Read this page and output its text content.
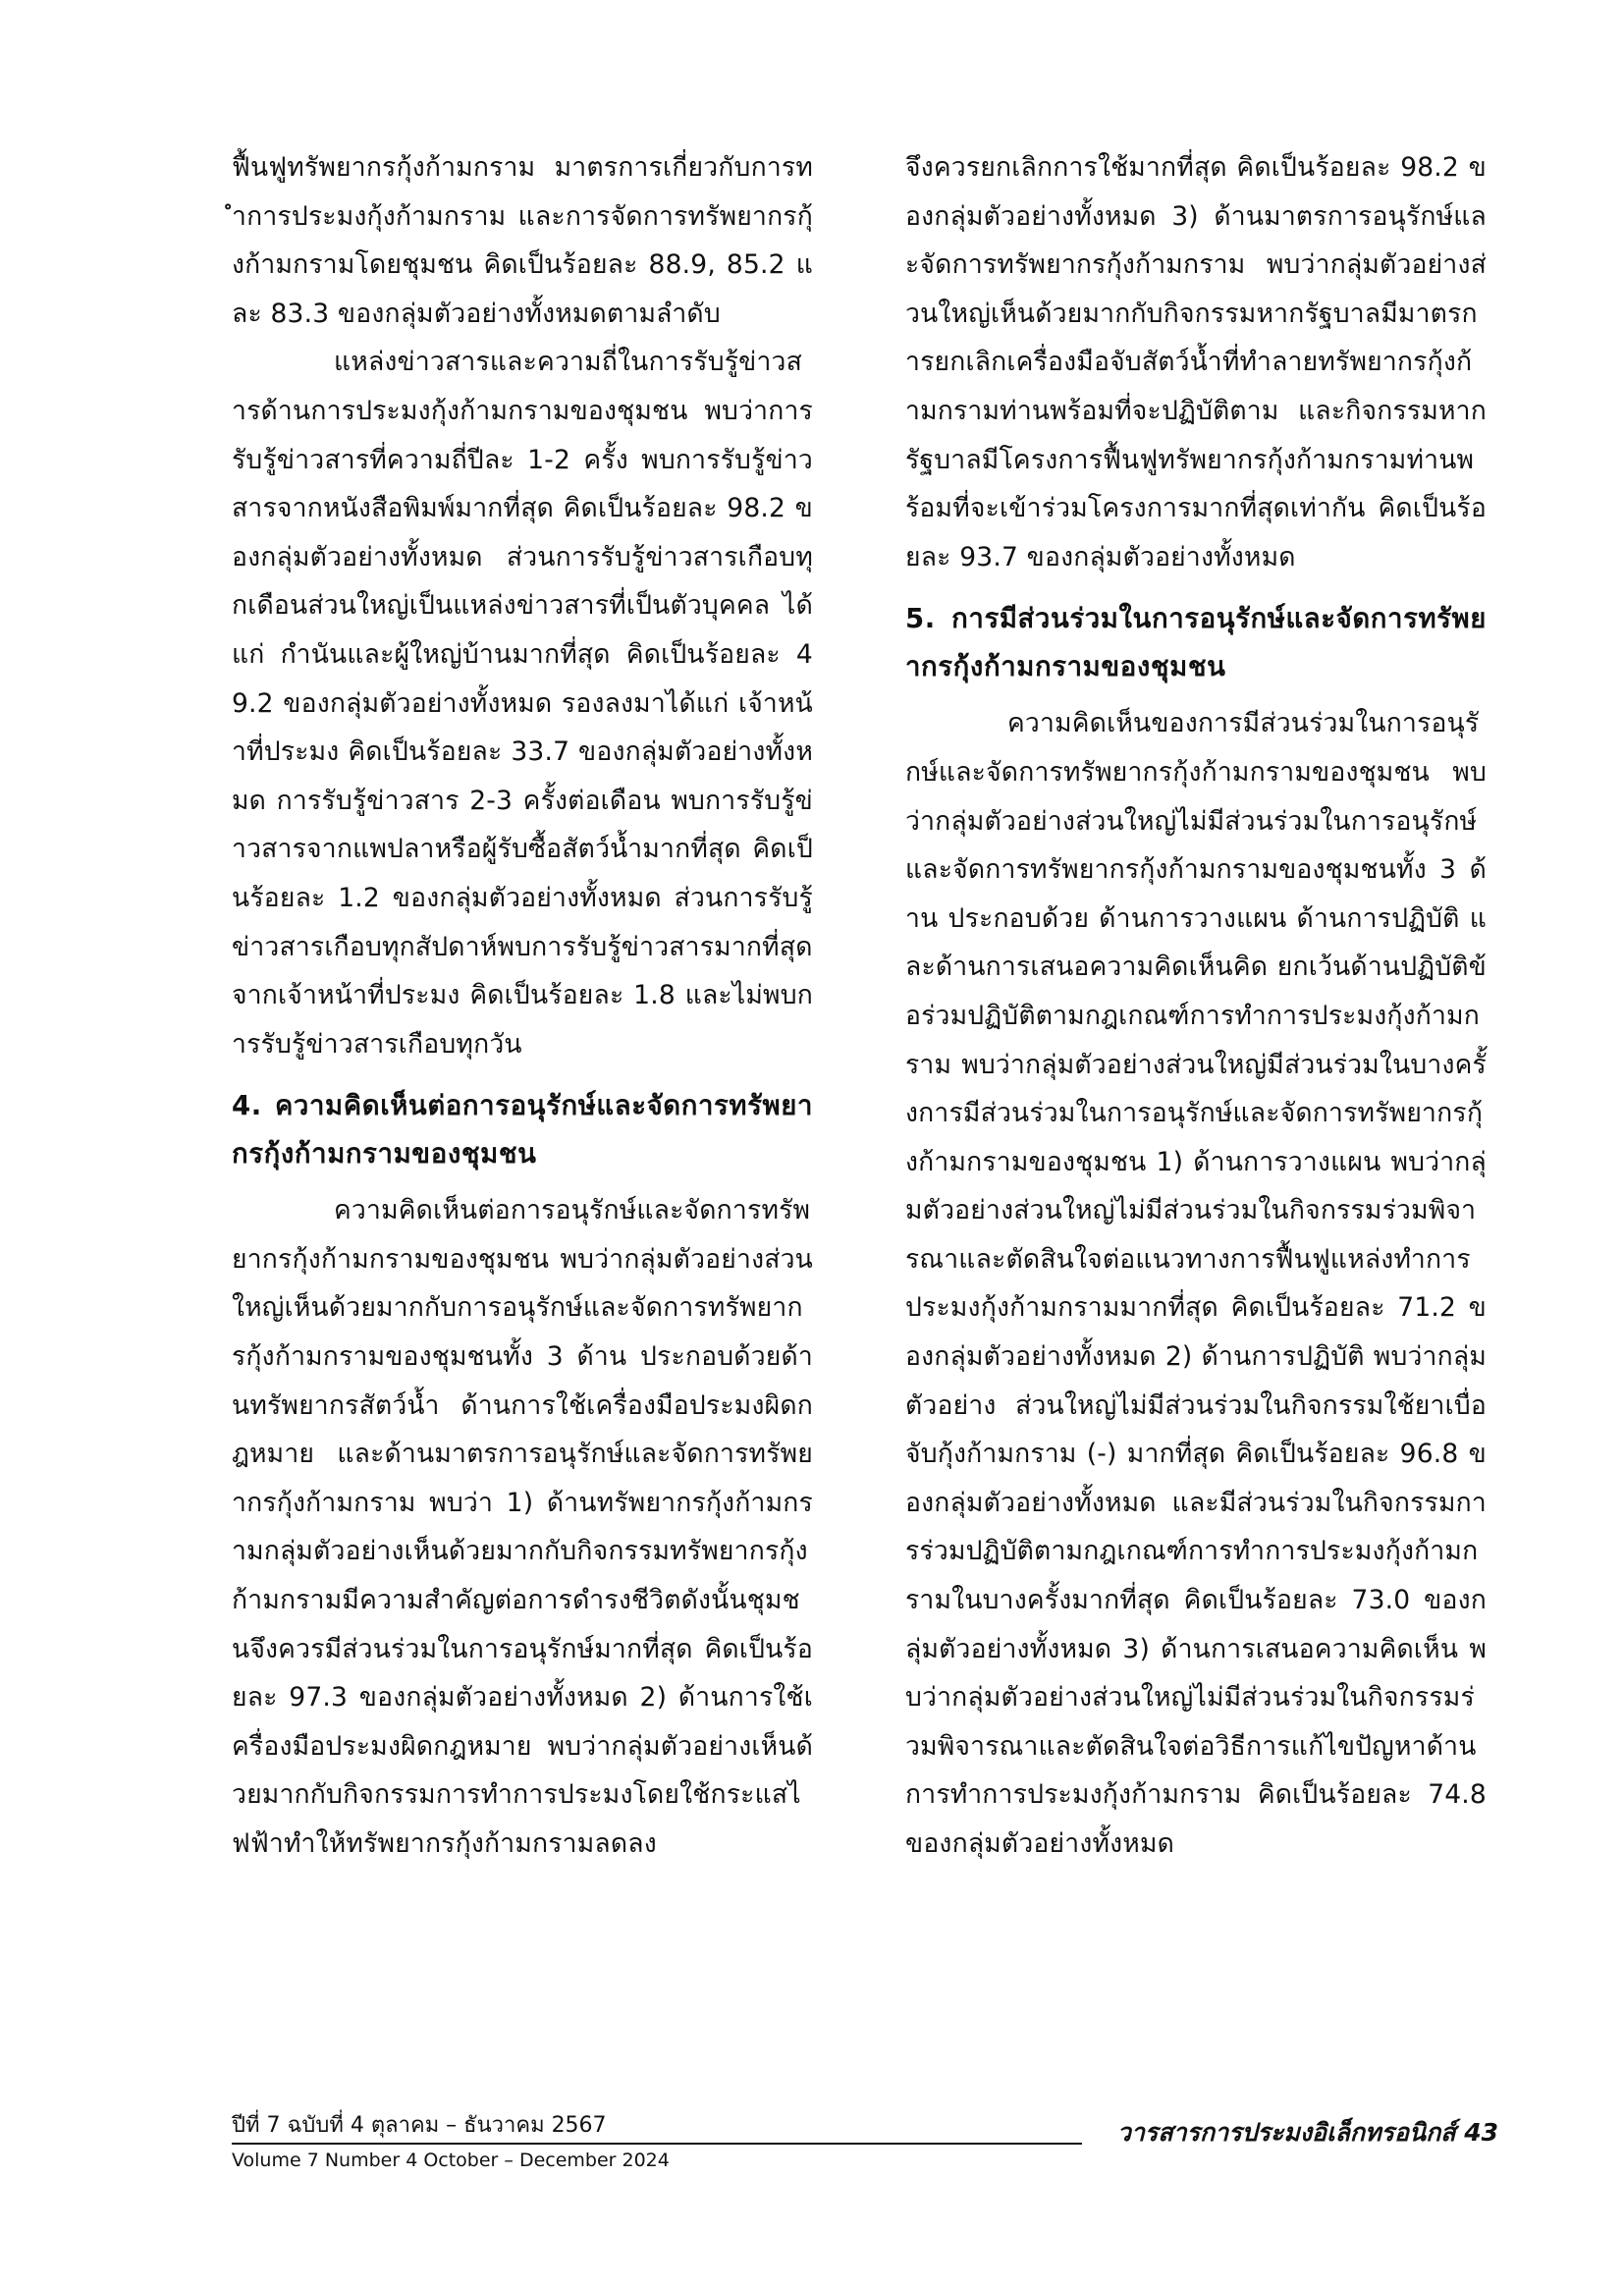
ฟื้นฟูทรัพยากรกุ้งก้ามกราม มาตรการเกี่ยวกับการทำการประมงกุ้งก้ามกราม และการจัดการทรัพยากรกุ้งก้ามกรามโดยชุมชน คิดเป็นร้อยละ 88.9, 85.2 และ 83.3 ของกลุ่มตัวอย่างทั้งหมดตามลำดับ

แหล่งข่าวสารและความถี่ในการรับรู้ข่าวสารด้านการประมงกุ้งก้ามกรามของชุมชน พบว่าการรับรู้ข่าวสารที่ความถี่ปีละ 1-2 ครั้ง พบการรับรู้ข่าวสารจากหนังสือพิมพ์มากที่สุด คิดเป็นร้อยละ 98.2 ของกลุ่มตัวอย่างทั้งหมด ส่วนการรับรู้ข่าวสารเกือบทุกเดือนส่วนใหญ่เป็นแหล่งข่าวสารที่เป็นตัวบุคคล ได้แก่ กำนันและผู้ใหญ่บ้านมากที่สุด คิดเป็นร้อยละ 49.2 ของกลุ่มตัวอย่างทั้งหมด รองลงมาได้แก่ เจ้าหน้าที่ประมง คิดเป็นร้อยละ 33.7 ของกลุ่มตัวอย่างทั้งหมด การรับรู้ข่าวสาร 2-3 ครั้งต่อเดือน พบการรับรู้ข่าวสารจากแพปลาหรือผู้รับซื้อสัตว์น้ำมากที่สุด คิดเป็นร้อยละ 1.2 ของกลุ่มตัวอย่างทั้งหมด ส่วนการรับรู้ข่าวสารเกือบทุกสัปดาห์พบการรับรู้ข่าวสารมากที่สุดจากเจ้าหน้าที่ประมง คิดเป็นร้อยละ 1.8 และไม่พบการรับรู้ข่าวสารเกือบทุกวัน

4. ความคิดเห็นต่อการอนุรักษ์และจัดการทรัพยากรกุ้งก้ามกรามของชุมชน

ความคิดเห็นต่อการอนุรักษ์และจัดการทรัพยากรกุ้งก้ามกรามของชุมชน พบว่ากลุ่มตัวอย่างส่วนใหญ่เห็นด้วยมากกับการอนุรักษ์และจัดการทรัพยากรกุ้งก้ามกรามของชุมชนทั้ง 3 ด้าน ประกอบด้วยด้านทรัพยากรสัตว์น้ำ ด้านการใช้เครื่องมือประมงผิดกฎหมาย และด้านมาตรการอนุรักษ์และจัดการทรัพยากรกุ้งก้ามกราม พบว่า 1) ด้านทรัพยากรกุ้งก้ามกรามกลุ่มตัวอย่างเห็นด้วยมากกับกิจกรรมทรัพยากรกุ้งก้ามกรามมีความสำคัญต่อการดำรงชีวิตดังนั้นชุมชนจึงควรมีส่วนร่วมในการอนุรักษ์มากที่สุด คิดเป็นร้อยละ 97.3 ของกลุ่มตัวอย่างทั้งหมด 2) ด้านการใช้เครื่องมือประมงผิดกฎหมาย พบว่ากลุ่มตัวอย่างเห็นด้วยมากกับกิจกรรมการทำการประมงโดยใช้กระแสไฟฟ้าทำให้ทรัพยากรกุ้งก้ามกรามลดลง

จึงควรยกเลิกการใช้มากที่สุด คิดเป็นร้อยละ 98.2 ของกลุ่มตัวอย่างทั้งหมด 3) ด้านมาตรการอนุรักษ์และจัดการทรัพยากรกุ้งก้ามกราม พบว่ากลุ่มตัวอย่างส่วนใหญ่เห็นด้วยมากกับกิจกรรมหากรัฐบาลมีมาตรการยกเลิกเครื่องมือจับสัตว์น้ำที่ทำลายทรัพยากรกุ้งก้ามกรามท่านพร้อมที่จะปฏิบัติตาม และกิจกรรมหากรัฐบาลมีโครงการฟื้นฟูทรัพยากรกุ้งก้ามกรามท่านพร้อมที่จะเข้าร่วมโครงการมากที่สุดเท่ากัน คิดเป็นร้อยละ 93.7 ของกลุ่มตัวอย่างทั้งหมด

5. การมีส่วนร่วมในการอนุรักษ์และจัดการทรัพยากรกุ้งก้ามกรามของชุมชน

ความคิดเห็นของการมีส่วนร่วมในการอนุรักษ์และจัดการทรัพยากรกุ้งก้ามกรามของชุมชน พบว่ากลุ่มตัวอย่างส่วนใหญ่ไม่มีส่วนร่วมในการอนุรักษ์และจัดการทรัพยากรกุ้งก้ามกรามของชุมชนทั้ง 3 ด้าน ประกอบด้วย ด้านการวางแผน ด้านการปฏิบัติ และด้านการเสนอความคิดเห็นคิด ยกเว้นด้านปฏิบัติข้อร่วมปฏิบัติตามกฎเกณฑ์การทำการประมงกุ้งก้ามกราม พบว่ากลุ่มตัวอย่างส่วนใหญ่มีส่วนร่วมในบางครั้งการมีส่วนร่วมในการอนุรักษ์และจัดการทรัพยากรกุ้งก้ามกรามของชุมชน 1) ด้านการวางแผน พบว่ากลุ่มตัวอย่างส่วนใหญ่ไม่มีส่วนร่วมในกิจกรรมร่วมพิจารณาและตัดสินใจต่อแนวทางการฟื้นฟูแหล่งทำการประมงกุ้งก้ามกรามมากที่สุด คิดเป็นร้อยละ 71.2 ของกลุ่มตัวอย่างทั้งหมด 2) ด้านการปฏิบัติ พบว่ากลุ่มตัวอย่าง ส่วนใหญ่ไม่มีส่วนร่วมในกิจกรรมใช้ยาเบื่อจับกุ้งก้ามกราม (-) มากที่สุด คิดเป็นร้อยละ 96.8 ของกลุ่มตัวอย่างทั้งหมด และมีส่วนร่วมในกิจกรรมการร่วมปฏิบัติตามกฎเกณฑ์การทำการประมงกุ้งก้ามกรามในบางครั้งมากที่สุด คิดเป็นร้อยละ 73.0 ของกลุ่มตัวอย่างทั้งหมด 3) ด้านการเสนอความคิดเห็น พบว่ากลุ่มตัวอย่างส่วนใหญ่ไม่มีส่วนร่วมในกิจกรรมร่วมพิจารณาและตัดสินใจต่อวิธีการแก้ไขปัญหาด้านการทำการประมงกุ้งก้ามกราม คิดเป็นร้อยละ 74.8 ของกลุ่มตัวอย่างทั้งหมด

ปีที่ 7 ฉบับที่ 4 ตุลาคม – ธันวาคม 2567
Volume 7 Number 4 October – December 2024
วารสารการประมงอิเล็กทรอนิกส์ 43
